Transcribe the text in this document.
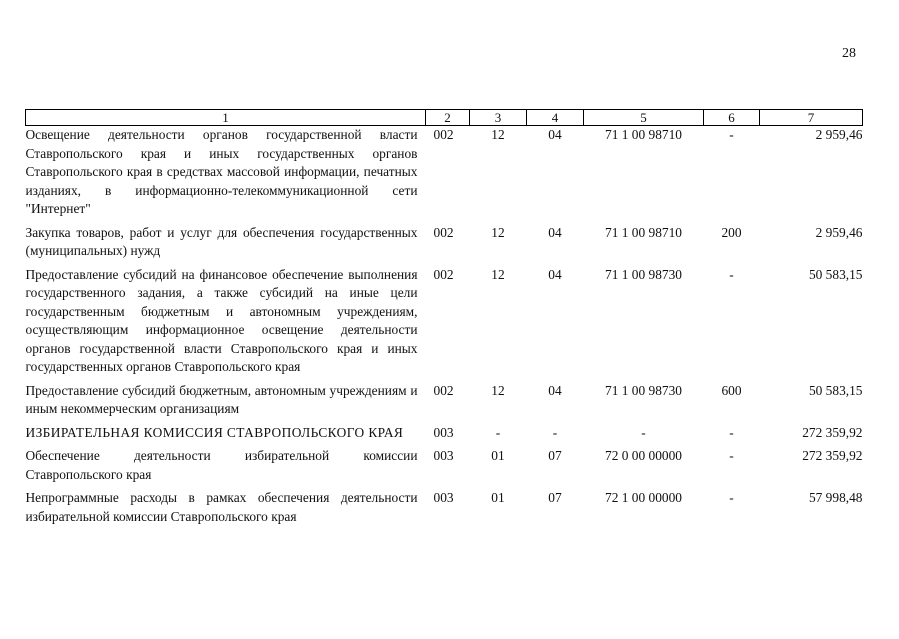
28
1	2	3	4	5	6	7
Освещение деятельности органов государственной власти Ставропольского края и иных государственных органов Ставропольского края в средствах массовой информации, печатных изданиях, в информационно-телекоммуникационной сети "Интернет"	002	12	04	71 1 00 98710	-	2 959,46
Закупка товаров, работ и услуг для обеспечения государственных (муниципальных) нужд	002	12	04	71 1 00 98710	200	2 959,46
Предоставление субсидий на финансовое обеспечение выполнения государственного задания, а также субсидий на иные цели государственным бюджетным и автономным учреждениям, осуществляющим информационное освещение деятельности органов государственной власти Ставропольского края и иных государственных органов Ставропольского края	002	12	04	71 1 00 98730	-	50 583,15
Предоставление субсидий бюджетным, автономным учреждениям и иным некоммерческим организациям	002	12	04	71 1 00 98730	600	50 583,15
ИЗБИРАТЕЛЬНАЯ КОМИССИЯ СТАВРОПОЛЬСКОГО КРАЯ	003	-	-	-	-	272 359,92
Обеспечение деятельности избирательной комиссии Ставропольского края	003	01	07	72 0 00 00000	-	272 359,92
Непрограммные расходы в рамках обеспечения деятельности избирательной комиссии Ставропольского края	003	01	07	72 1 00 00000	-	57 998,48
